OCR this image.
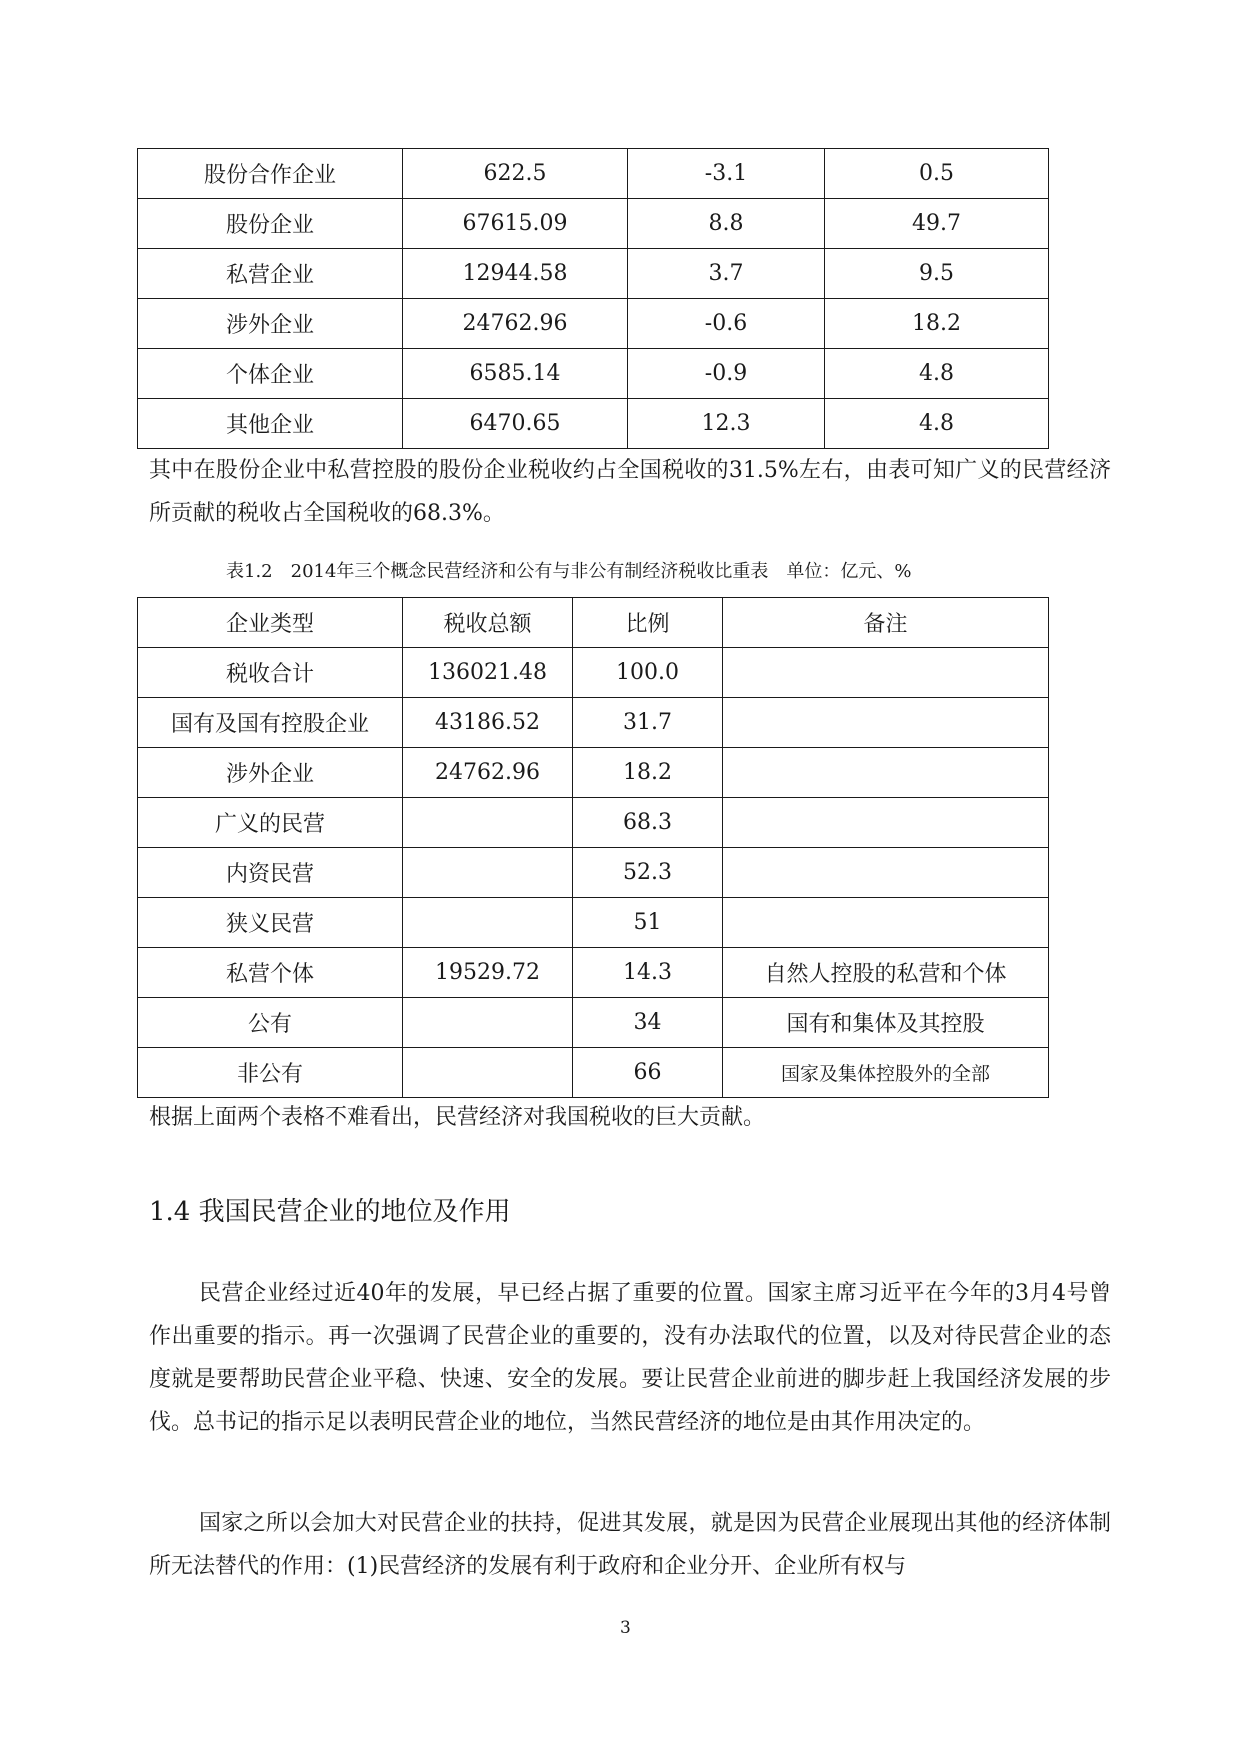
股份合作企业	622.5	-3.1	0.5
股份企业	67615.09	8.8	49.7
私营企业	12944.58	3.7	9.5
涉外企业	24762.96	-0.6	18.2
个体企业	6585.14	-0.9	4.8
其他企业	6470.65	12.3	4.8

其中在股份企业中私营控股的股份企业税收约占全国税收的31.5%左右，由表可知广义的民营经济所贡献的税收占全国税收的68.3%。

表1.2　2014年三个概念民营经济和公有与非公有制经济税收比重表　单位：亿元、%

企业类型	税收总额	比例	备注
税收合计	136021.48	100.0	
国有及国有控股企业	43186.52	31.7	
涉外企业	24762.96	18.2	
广义的民营		68.3	
内资民营		52.3	
狭义民营		51	
私营个体	19529.72	14.3	自然人控股的私营和个体
公有		34	国有和集体及其控股
非公有		66	国家及集体控股外的全部

根据上面两个表格不难看出，民营经济对我国税收的巨大贡献。

1.4 我国民营企业的地位及作用

民营企业经过近40年的发展，早已经占据了重要的位置。国家主席习近平在今年的3月4号曾作出重要的指示。再一次强调了民营企业的重要的，没有办法取代的位置，以及对待民营企业的态度就是要帮助民营企业平稳、快速、安全的发展。要让民营企业前进的脚步赶上我国经济发展的步伐。总书记的指示足以表明民营企业的地位，当然民营经济的地位是由其作用决定的。

国家之所以会加大对民营企业的扶持，促进其发展，就是因为民营企业展现出其他的经济体制所无法替代的作用：(1)民营经济的发展有利于政府和企业分开、企业所有权与

3
